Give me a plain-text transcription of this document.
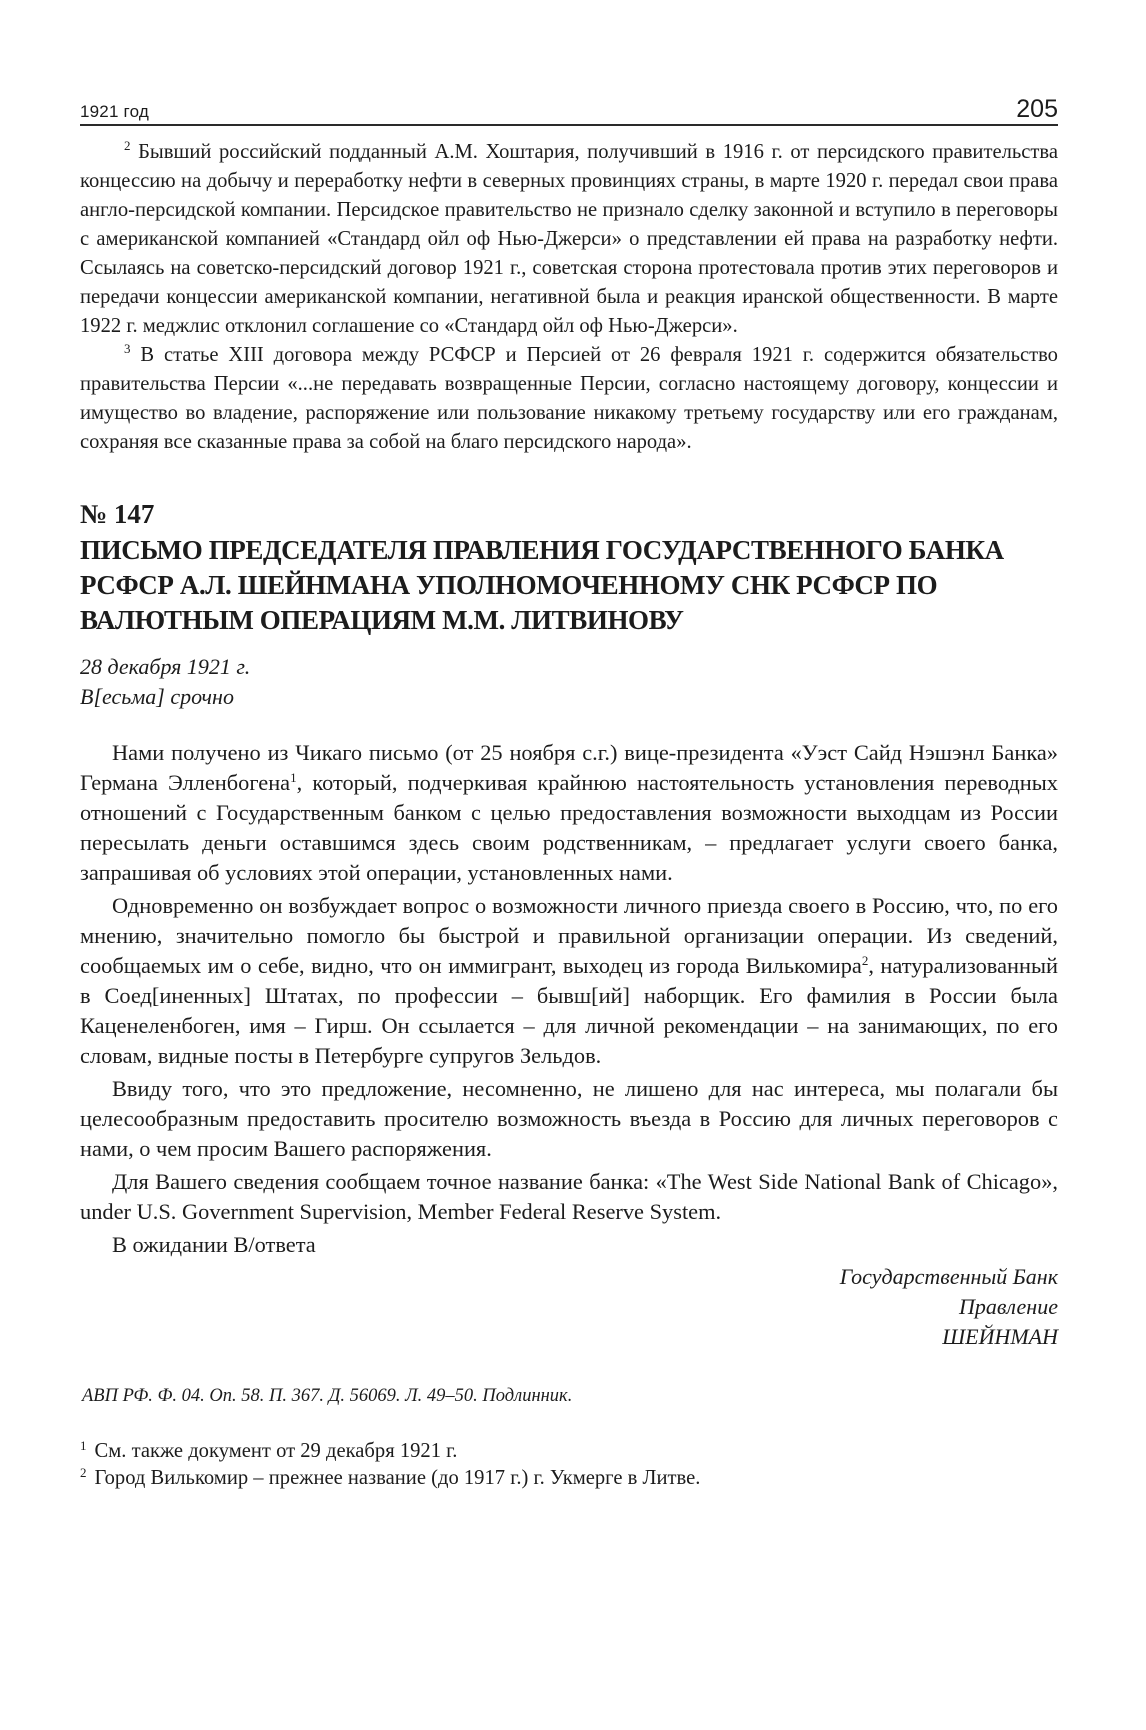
1921 год	205

$^2$ Бывший российский подданный А.М. Хоштария, получивший в 1916 г. от персидского правительства концессию на добычу и переработку нефти в северных провинциях страны, в марте 1920 г. передал свои права англо-персидской компании. Персидское правительство не признало сделку законной и вступило в переговоры с американской компанией «Стандард ойл оф Нью-Джерси» о представлении ей права на разработку нефти. Ссылаясь на советско-персидский договор 1921 г., советская сторона протестовала против этих переговоров и передачи концессии американской компании, негативной была и реакция иранской общественности. В марте 1922 г. меджлис отклонил соглашение со «Стандард ойл оф Нью-Джерси».

$^3$ В статье XIII договора между РСФСР и Персией от 26 февраля 1921 г. содержится обязательство правительства Персии «...не передавать возвращенные Персии, согласно настоящему договору, концессии и имущество во владение, распоряжение или пользование никакому третьему государству или его гражданам, сохраняя все сказанные права за собой на благо персидского народа».

№ 147
ПИСЬМО ПРЕДСЕДАТЕЛЯ ПРАВЛЕНИЯ ГОСУДАРСТВЕННОГО БАНКА РСФСР А.Л. ШЕЙНМАНА УПОЛНОМОЧЕННОМУ СНК РСФСР ПО ВАЛЮТНЫМ ОПЕРАЦИЯМ М.М. ЛИТВИНОВУ
28 декабря 1921 г.
В[есьма] срочно

Нами получено из Чикаго письмо (от 25 ноября с.г.) вице-президента «Уэст Сайд Нэшэнл Банка» Германа Элленбогена$^1$, который, подчеркивая крайнюю настоятельность установления переводных отношений с Государственным банком с целью предоставления возможности выходцам из России пересылать деньги оставшимся здесь своим родственникам, – предлагает услуги своего банка, запрашивая об условиях этой операции, установленных нами.

Одновременно он возбуждает вопрос о возможности личного приезда своего в Россию, что, по его мнению, значительно помогло бы быстрой и правильной организации операции. Из сведений, сообщаемых им о себе, видно, что он иммигрант, выходец из города Вилькомира$^2$, натурализованный в Соед[иненных] Штатах, по профессии – бывш[ий] наборщик. Его фамилия в России была Каценеленбоген, имя – Гирш. Он ссылается – для личной рекомендации – на занимающих, по его словам, видные посты в Петербурге супругов Зельдов.

Ввиду того, что это предложение, несомненно, не лишено для нас интереса, мы полагали бы целесообразным предоставить просителю возможность въезда в Россию для личных переговоров с нами, о чем просим Вашего распоряжения.

Для Вашего сведения сообщаем точное название банка: «The West Side National Bank of Chicago», under U.S. Government Supervision, Member Federal Reserve System.

В ожидании В/ответа
Государственный Банк
Правление
ШЕЙНМАН
АВП РФ. Ф. 04. Оп. 58. П. 367. Д. 56069. Л. 49–50. Подлинник.

$^1$ См. также документ от 29 декабря 1921 г.

$^2$ Город Вилькомир – прежнее название (до 1917 г.) г. Укмерге в Литве.
